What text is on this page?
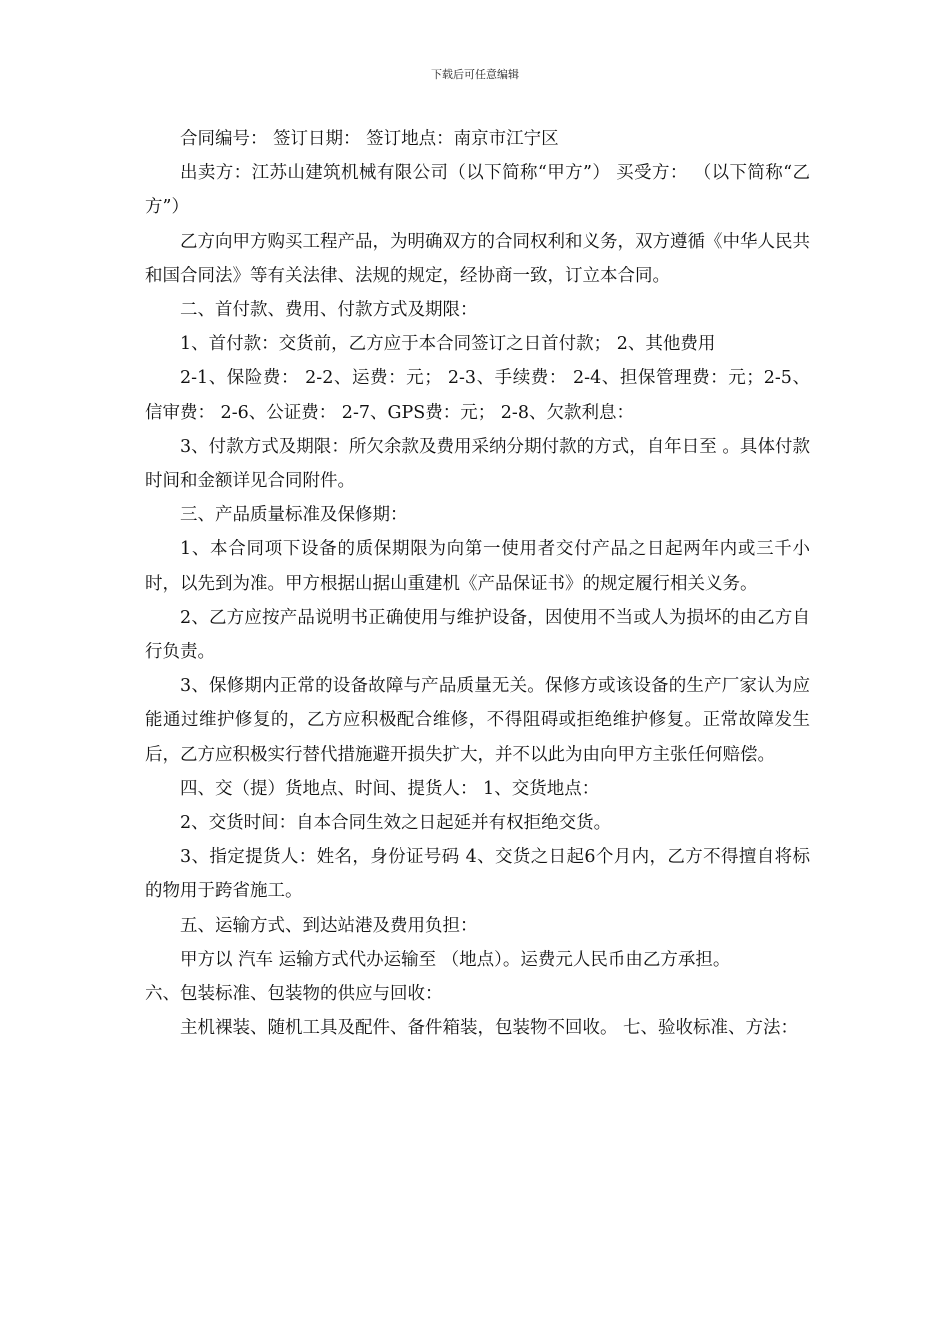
下载后可任意编辑

合同编号： 签订日期： 签订地点：南京市江宁区

出卖方：江苏山建筑机械有限公司（以下简称“甲方”） 买受方： （以下简称“乙方”）

乙方向甲方购买工程产品，为明确双方的合同权利和义务，双方遵循《中华人民共和国合同法》等有关法律、法规的规定，经协商一致，订立本合同。

二、首付款、费用、付款方式及期限：

1、首付款：交货前，乙方应于本合同签订之日首付款； 2、其他费用

2-1、保险费： 2-2、运费：元； 2-3、手续费： 2-4、担保管理费：元；2-5、信审费： 2-6、公证费： 2-7、GPS费：元； 2-8、欠款利息：

3、付款方式及期限：所欠余款及费用采纳分期付款的方式，自年日至 。具体付款时间和金额详见合同附件。

三、产品质量标准及保修期：

1、本合同项下设备的质保期限为向第一使用者交付产品之日起两年内或三千小时，以先到为准。甲方根据山据山重建机《产品保证书》的规定履行相关义务。

2、乙方应按产品说明书正确使用与维护设备，因使用不当或人为损坏的由乙方自行负责。

3、保修期内正常的设备故障与产品质量无关。保修方或该设备的生产厂家认为应能通过维护修复的，乙方应积极配合维修，不得阻碍或拒绝维护修复。正常故障发生后，乙方应积极实行替代措施避开损失扩大，并不以此为由向甲方主张任何赔偿。

四、交（提）货地点、时间、提货人： 1、交货地点：

2、交货时间：自本合同生效之日起延并有权拒绝交货。

3、指定提货人：姓名，身份证号码 4、交货之日起6个月内，乙方不得擅自将标的物用于跨省施工。

五、运输方式、到达站港及费用负担：

甲方以 汽车 运输方式代办运输至 （地点）。运费元人民币由乙方承担。

六、包装标准、包装物的供应与回收：

主机裸装、随机工具及配件、备件箱装，包装物不回收。 七、验收标准、方法：
